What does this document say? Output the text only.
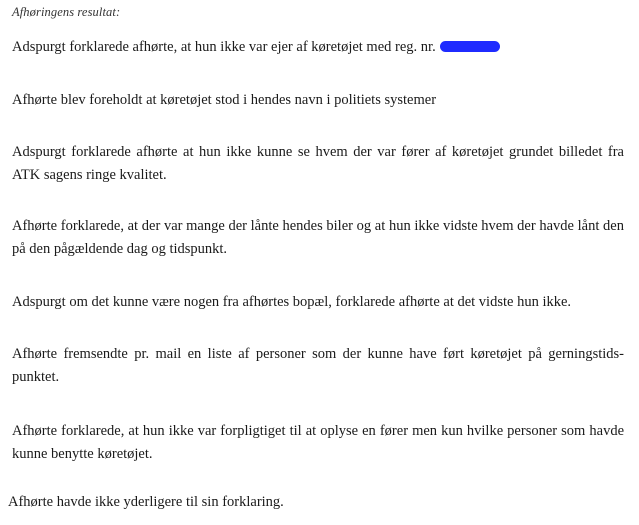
Afhøringens resultat:

Adspurgt forklarede afhørte, at hun ikke var ejer af køretøjet med reg. nr.

Afhørte blev foreholdt at køretøjet stod i hendes navn i politiets systemer

Adspurgt forklarede afhørte at hun ikke kunne se hvem der var fører af køretøjet grundet billedet fra ATK sagens ringe kvalitet.

Afhørte forklarede, at der var mange der lånte hendes biler og at hun ikke vidste hvem der havde lånt den på den pågældende dag og tidspunkt.

Adspurgt om det kunne være nogen fra afhørtes bopæl, forklarede afhørte at det vidste hun ikke.

Afhørte fremsendte pr. mail en liste af personer som der kunne have ført køretøjet på gerningstids-punktet.

Afhørte forklarede, at hun ikke var forpligtiget til at oplyse en fører men kun hvilke personer som havde kunne benytte køretøjet.

Afhørte havde ikke yderligere til sin forklaring.
